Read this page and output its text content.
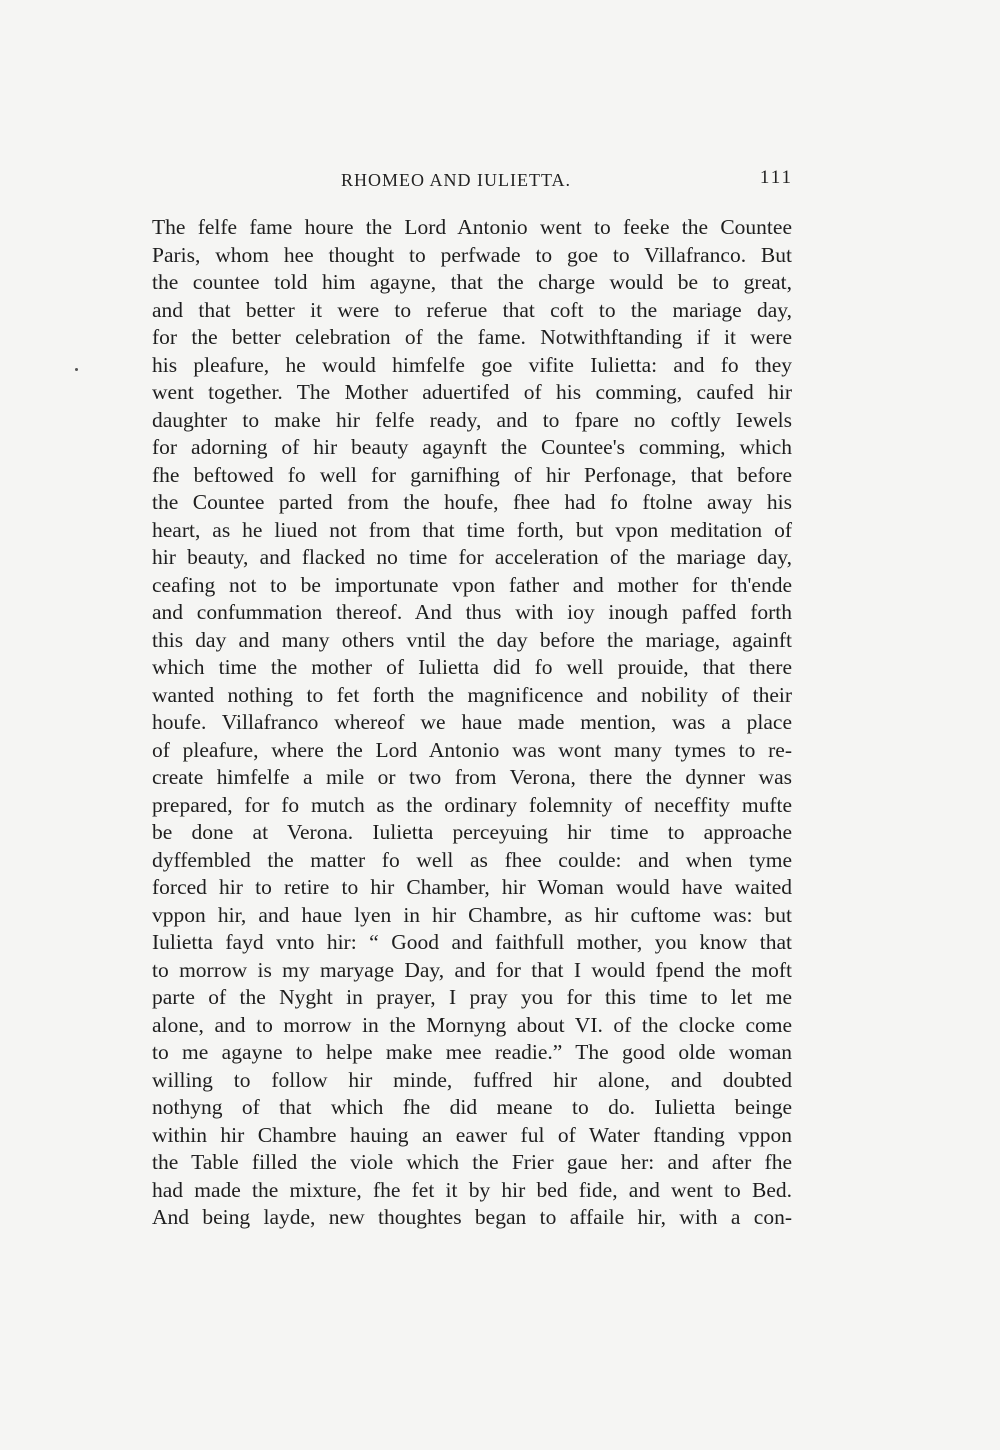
RHOMEO AND IULIETTA.	111
The felfe fame houre the Lord Antonio went to feeke the Countee
Paris, whom hee thought to perfwade to goe to Villafranco. But
the countee told him agayne, that the charge would be to great,
and that better it were to referue that coft to the mariage day,
for the better celebration of the fame. Notwithftanding if it were
his pleafure, he would himfelfe goe vifite Iulietta: and fo they
went together. The Mother aduertifed of his comming, caufed hir
daughter to make hir felfe ready, and to fpare no coftly Iewels
for adorning of hir beauty agaynft the Countee's comming, which
fhe beftowed fo well for garnifhing of hir Perfonage, that before
the Countee parted from the houfe, fhee had fo ftolne away his
heart, as he liued not from that time forth, but vpon meditation of
hir beauty, and flacked no time for acceleration of the mariage day,
ceafing not to be importunate vpon father and mother for th'ende
and confummation thereof. And thus with ioy inough paffed forth
this day and many others vntil the day before the mariage, againft
which time the mother of Iulietta did fo well prouide, that there
wanted nothing to fet forth the magnificence and nobility of their
houfe. Villafranco whereof we haue made mention, was a place
of pleafure, where the Lord Antonio was wont many tymes to re-
create himfelfe a mile or two from Verona, there the dynner was
prepared, for fo mutch as the ordinary folemnity of neceffity mufte
be done at Verona. Iulietta perceyuing hir time to approache
dyffembled the matter fo well as fhee coulde: and when tyme
forced hir to retire to hir Chamber, hir Woman would have waited
vppon hir, and haue lyen in hir Chambre, as hir cuftome was: but
Iulietta fayd vnto hir: “ Good and faithfull mother, you know that
to morrow is my maryage Day, and for that I would fpend the moft
parte of the Nyght in prayer, I pray you for this time to let me
alone, and to morrow in the Mornyng about VI. of the clocke come
to me agayne to helpe make mee readie.” The good olde woman
willing to follow hir minde, fuffred hir alone, and doubted
nothyng of that which fhe did meane to do. Iulietta beinge
within hir Chambre hauing an eawer ful of Water ftanding vppon
the Table filled the viole which the Frier gaue her: and after fhe
had made the mixture, fhe fet it by hir bed fide, and went to Bed.
And being layde, new thoughtes began to affaile hir, with a con-
